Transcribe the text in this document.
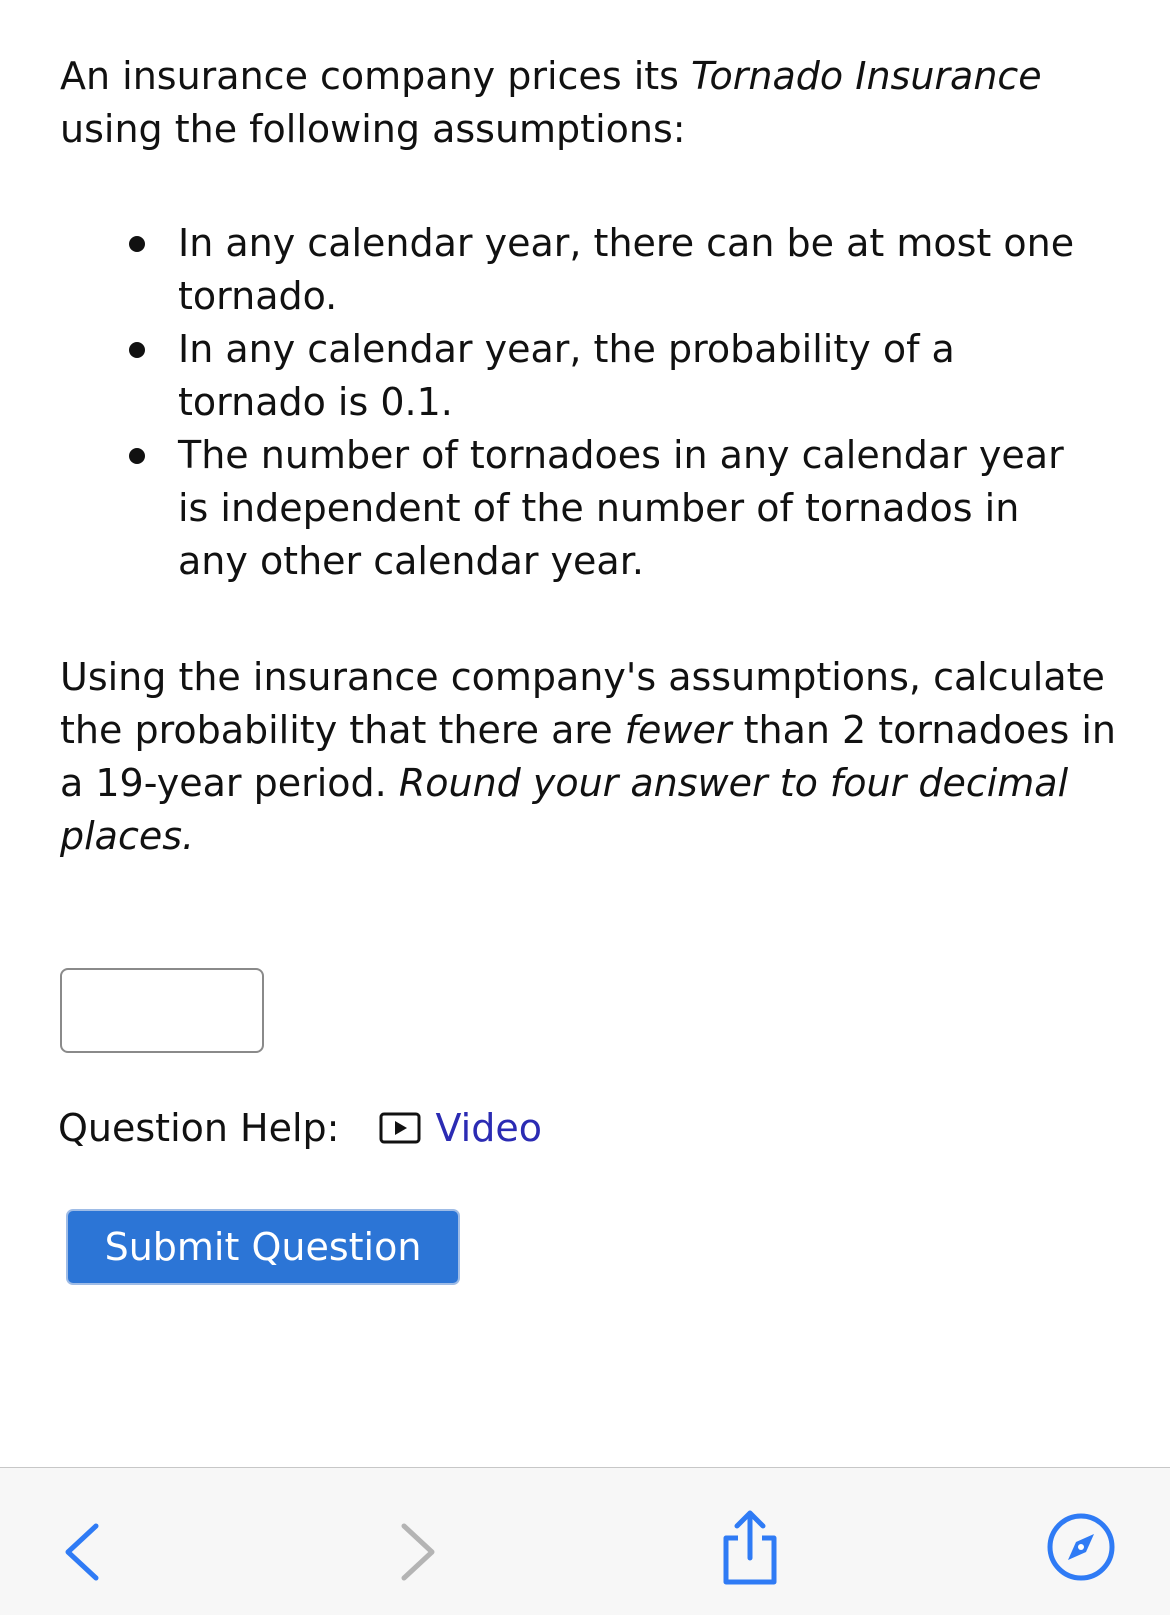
An insurance company prices its Tornado Insurance using the following assumptions:

In any calendar year, there can be at most one tornado.
In any calendar year, the probability of a tornado is 0.1.
The number of tornadoes in any calendar year is independent of the number of tornados in any other calendar year.

Using the insurance company's assumptions, calculate the probability that there are fewer than 2 tornadoes in a 19-year period. Round your answer to four decimal places.

Question Help:	Video
Submit Question
